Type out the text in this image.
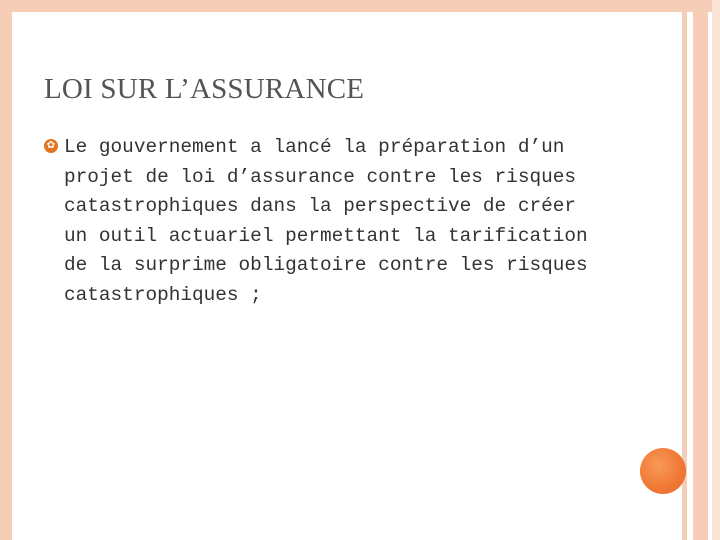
LOI SUR L’ASSURANCE

✿ Le gouvernement a lancé la préparation d’un projet de loi d’assurance contre les risques catastrophiques dans la perspective de créer un outil actuariel permettant la tarification de la surprime obligatoire contre les risques catastrophiques ;
